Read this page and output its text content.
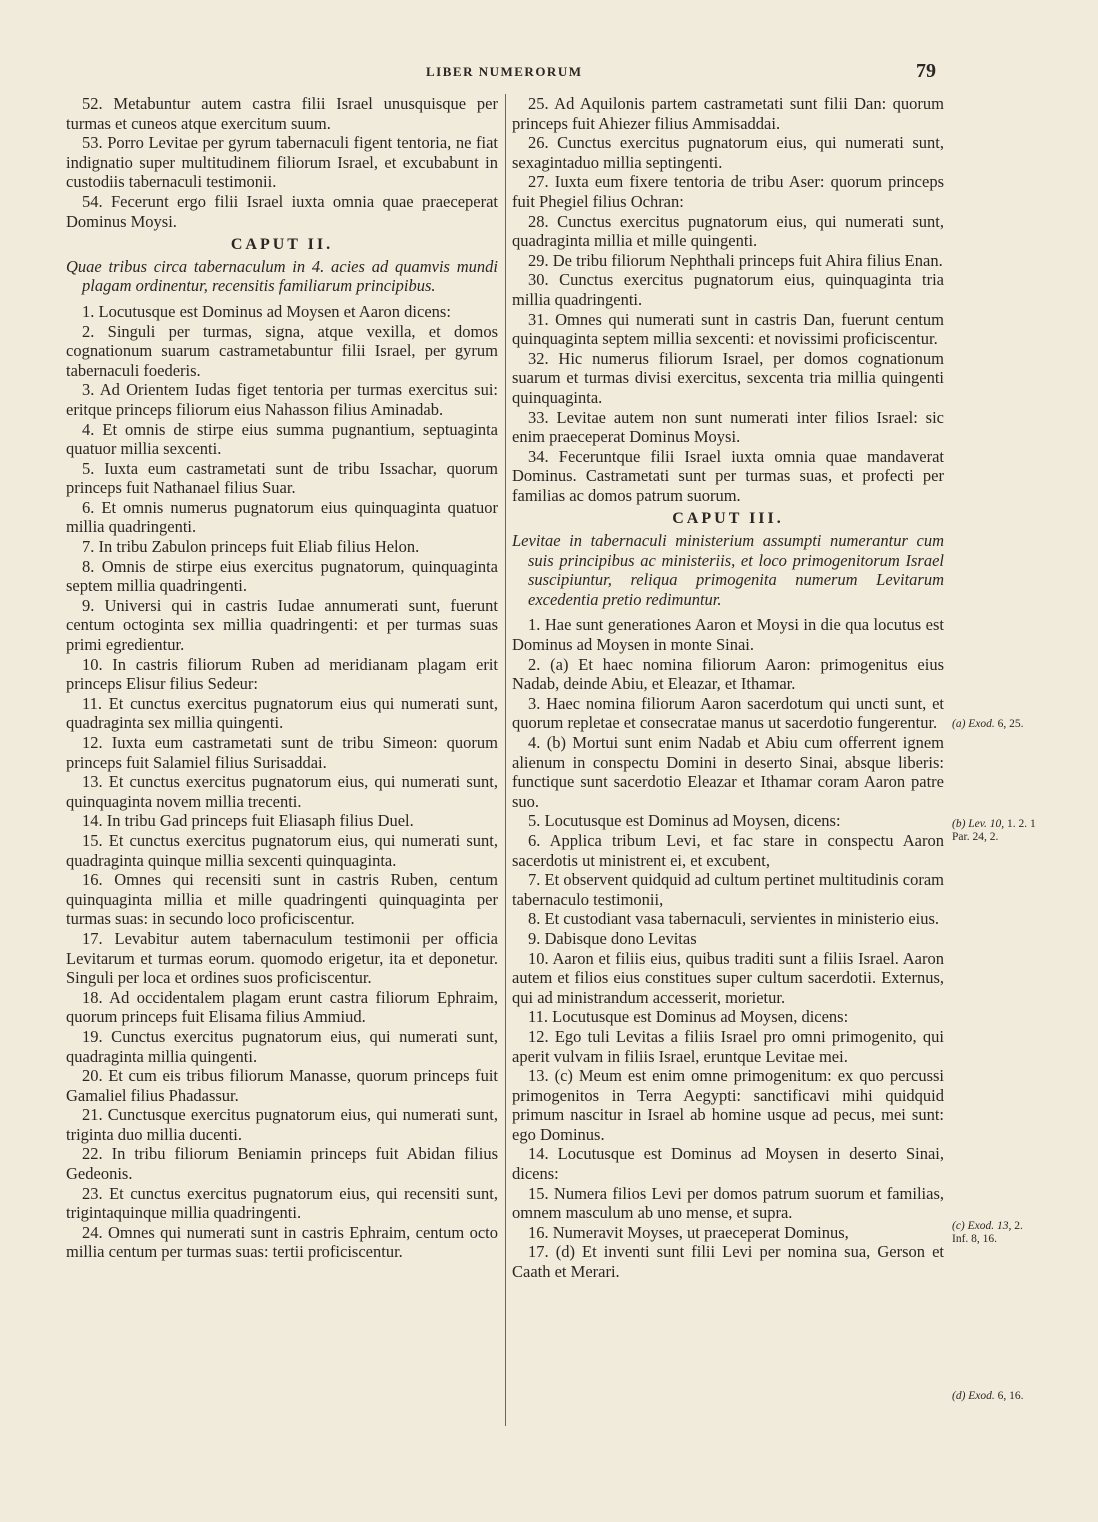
LIBER NUMERORUM	79

52. Metabuntur autem castra filii Israel unusquisque per turmas et cuneos atque exercitum suum.

53. Porro Levitae per gyrum tabernaculi figent tentoria, ne fiat indignatio super multitudinem filiorum Israel, et excubabunt in custodiis tabernaculi testimonii.

54. Fecerunt ergo filii Israel iuxta omnia quae praeceperat Dominus Moysi.

CAPUT II.

Quae tribus circa tabernaculum in 4. acies ad quamvis mundi plagam ordinentur, recensitis familiarum principibus.

1. Locutusque est Dominus ad Moysen et Aaron dicens:

2. Singuli per turmas, signa, atque vexilla, et domos cognationum suarum castrametabuntur filii Israel, per gyrum tabernaculi foederis.

3. Ad Orientem Iudas figet tentoria per turmas exercitus sui: eritque princeps filiorum eius Nahasson filius Aminadab.

4. Et omnis de stirpe eius summa pugnantium, septuaginta quatuor millia sexcenti.

5. Iuxta eum castrametati sunt de tribu Issachar, quorum princeps fuit Nathanael filius Suar.

6. Et omnis numerus pugnatorum eius quinquaginta quatuor millia quadringenti.

7. In tribu Zabulon princeps fuit Eliab filius Helon.

8. Omnis de stirpe eius exercitus pugnatorum, quinquaginta septem millia quadringenti.

9. Universi qui in castris Iudae annumerati sunt, fuerunt centum octoginta sex millia quadringenti: et per turmas suas primi egredientur.

10. In castris filiorum Ruben ad meridianam plagam erit princeps Elisur filius Sedeur:

11. Et cunctus exercitus pugnatorum eius qui numerati sunt, quadraginta sex millia quingenti.

12. Iuxta eum castrametati sunt de tribu Simeon: quorum princeps fuit Salamiel filius Surisaddai.

13. Et cunctus exercitus pugnatorum eius, qui numerati sunt, quinquaginta novem millia trecenti.

14. In tribu Gad princeps fuit Eliasaph filius Duel.

15. Et cunctus exercitus pugnatorum eius, qui numerati sunt, quadraginta quinque millia sexcenti quinquaginta.

16. Omnes qui recensiti sunt in castris Ruben, centum quinquaginta millia et mille quadringenti quinquaginta per turmas suas: in secundo loco proficiscentur.

17. Levabitur autem tabernaculum testimonii per officia Levitarum et turmas eorum. quomodo erigetur, ita et deponetur. Singuli per loca et ordines suos proficiscentur.

18. Ad occidentalem plagam erunt castra filiorum Ephraim, quorum princeps fuit Elisama filius Ammiud.

19. Cunctus exercitus pugnatorum eius, qui numerati sunt, quadraginta millia quingenti.

20. Et cum eis tribus filiorum Manasse, quorum princeps fuit Gamaliel filius Phadassur.

21. Cunctusque exercitus pugnatorum eius, qui numerati sunt, triginta duo millia ducenti.

22. In tribu filiorum Beniamin princeps fuit Abidan filius Gedeonis.

23. Et cunctus exercitus pugnatorum eius, qui recensiti sunt, trigintaquinque millia quadringenti.

24. Omnes qui numerati sunt in castris Ephraim, centum octo millia centum per turmas suas: tertii proficiscentur.

25. Ad Aquilonis partem castrametati sunt filii Dan: quorum princeps fuit Ahiezer filius Ammisaddai.

26. Cunctus exercitus pugnatorum eius, qui numerati sunt, sexagintaduo millia septingenti.

27. Iuxta eum fixere tentoria de tribu Aser: quorum princeps fuit Phegiel filius Ochran:

28. Cunctus exercitus pugnatorum eius, qui numerati sunt, quadraginta millia et mille quingenti.

29. De tribu filiorum Nephthali princeps fuit Ahira filius Enan.

30. Cunctus exercitus pugnatorum eius, quinquaginta tria millia quadringenti.

31. Omnes qui numerati sunt in castris Dan, fuerunt centum quinquaginta septem millia sexcenti: et novissimi proficiscentur.

32. Hic numerus filiorum Israel, per domos cognationum suarum et turmas divisi exercitus, sexcenta tria millia quingenti quinquaginta.

33. Levitae autem non sunt numerati inter filios Israel: sic enim praeceperat Dominus Moysi.

34. Feceruntque filii Israel iuxta omnia quae mandaverat Dominus. Castrametati sunt per turmas suas, et profecti per familias ac domos patrum suorum.

CAPUT III.

Levitae in tabernaculi ministerium assumpti numerantur cum suis principibus ac ministeriis, et loco primogenitorum Israel suscipiuntur, reliqua primogenita numerum Levitarum excedentia pretio redimuntur.

1. Hae sunt generationes Aaron et Moysi in die qua locutus est Dominus ad Moysen in monte Sinai.

2. (a) Et haec nomina filiorum Aaron: primogenitus eius Nadab, deinde Abiu, et Eleazar, et Ithamar.

3. Haec nomina filiorum Aaron sacerdotum qui uncti sunt, et quorum repletae et consecratae manus ut sacerdotio fungerentur.

4. (b) Mortui sunt enim Nadab et Abiu cum offerrent ignem alienum in conspectu Domini in deserto Sinai, absque liberis: functique sunt sacerdotio Eleazar et Ithamar coram Aaron patre suo.

5. Locutusque est Dominus ad Moysen, dicens:

6. Applica tribum Levi, et fac stare in conspectu Aaron sacerdotis ut ministrent ei, et excubent,

7. Et observent quidquid ad cultum pertinet multitudinis coram tabernaculo testimonii,

8. Et custodiant vasa tabernaculi, servientes in ministerio eius.

9. Dabisque dono Levitas

10. Aaron et filiis eius, quibus traditi sunt a filiis Israel. Aaron autem et filios eius constitues super cultum sacerdotii. Externus, qui ad ministrandum accesserit, morietur.

11. Locutusque est Dominus ad Moysen, dicens:

12. Ego tuli Levitas a filiis Israel pro omni primogenito, qui aperit vulvam in filiis Israel, eruntque Levitae mei.

13. (c) Meum est enim omne primogenitum: ex quo percussi primogenitos in Terra Aegypti: sanctificavi mihi quidquid primum nascitur in Israel ab homine usque ad pecus, mei sunt: ego Dominus.

14. Locutusque est Dominus ad Moysen in deserto Sinai, dicens:

15. Numera filios Levi per domos patrum suorum et familias, omnem masculum ab uno mense, et supra.

16. Numeravit Moyses, ut praeceperat Dominus,

17. (d) Et inventi sunt filii Levi per nomina sua, Gerson et Caath et Merari.

(a) Exod. 6, 25.
(b) Lev. 10, 1. 2. 1 Par. 24, 2.
(c) Exod. 13, 2. Inf. 8, 16.
(d) Exod. 6, 16.
